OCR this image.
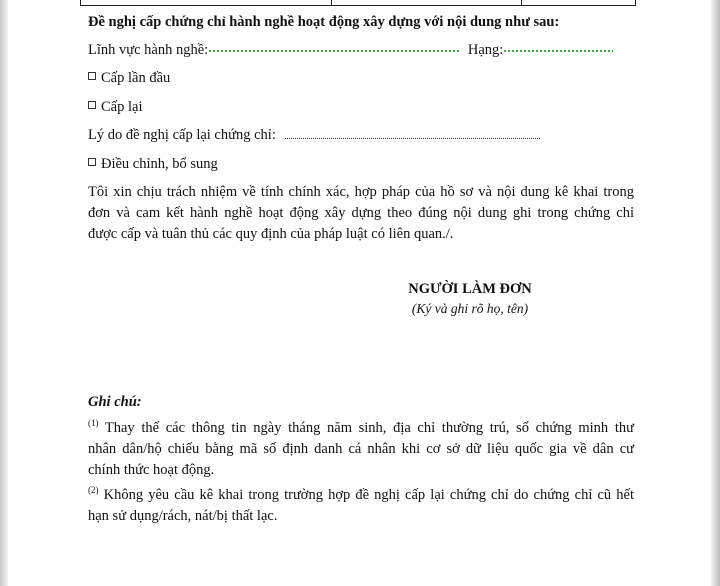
Đề nghị cấp chứng chỉ hành nghề hoạt động xây dựng với nội dung như sau:
Lĩnh vực hành nghề:	Hạng:
Cấp lần đầu
Cấp lại
Lý do đề nghị cấp lại chứng chỉ:
Điều chỉnh, bổ sung
Tôi xin chịu trách nhiệm về tính chính xác, hợp pháp của hồ sơ và nội dung kê khai trong
đơn và cam kết hành nghề hoạt động xây dựng theo đúng nội dung ghi trong chứng chỉ
được cấp và tuân thủ các quy định của pháp luật có liên quan./.
NGƯỜI LÀM ĐƠN
(Ký và ghi rõ họ, tên)
Ghi chú:
$^{(1)}$ Thay thế các thông tin ngày tháng năm sinh, địa chỉ thường trú, số chứng minh thư
nhân dân/hộ chiếu bằng mã số định danh cá nhân khi cơ sở dữ liệu quốc gia về dân cư
chính thức hoạt động.
$^{(2)}$ Không yêu cầu kê khai trong trường hợp đề nghị cấp lại chứng chỉ do chứng chỉ cũ hết
hạn sử dụng/rách, nát/bị thất lạc.
